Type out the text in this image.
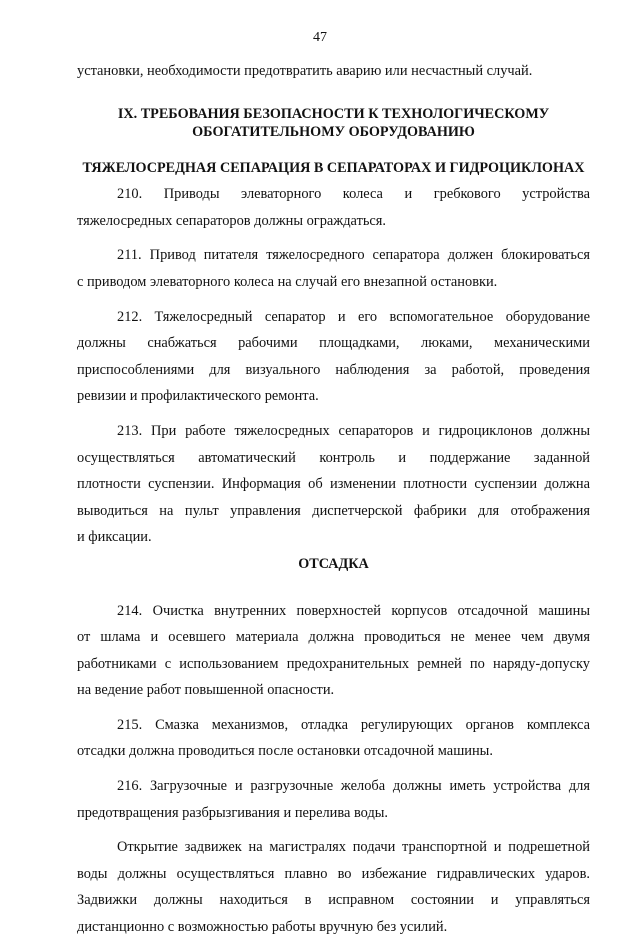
47
установки, необходимости предотвратить аварию или несчастный случай.
IX. ТРЕБОВАНИЯ БЕЗОПАСНОСТИ К ТЕХНОЛОГИЧЕСКОМУ
ОБОГАТИТЕЛЬНОМУ ОБОРУДОВАНИЮ
ТЯЖЕЛОСРЕДНАЯ СЕПАРАЦИЯ В СЕПАРАТОРАХ И ГИДРОЦИКЛОНАХ
210. Приводы элеваторного колеса и гребкового устройства
тяжелосредных сепараторов должны ограждаться.
211. Привод питателя тяжелосредного сепаратора должен блокироваться
с приводом элеваторного колеса на случай его внезапной остановки.
212. Тяжелосредный сепаратор и его вспомогательное оборудование
должны снабжаться рабочими площадками, люками, механическими
приспособлениями для визуального наблюдения за работой, проведения
ревизии и профилактического ремонта.
213. При работе тяжелосредных сепараторов и гидроциклонов должны
осуществляться автоматический контроль и поддержание заданной
плотности суспензии. Информация об изменении плотности суспензии должна
выводиться на пульт управления диспетчерской фабрики для отображения
и фиксации.
ОТСАДКА
214. Очистка внутренних поверхностей корпусов отсадочной машины
от шлама и осевшего материала должна проводиться не менее чем двумя
работниками с использованием предохранительных ремней по наряду-допуску
на ведение работ повышенной опасности.
215. Смазка механизмов, отладка регулирующих органов комплекса
отсадки должна проводиться после остановки отсадочной машины.
216. Загрузочные и разгрузочные желоба должны иметь устройства для
предотвращения разбрызгивания и перелива воды.
Открытие задвижек на магистралях подачи транспортной и подрешетной
воды должны осуществляться плавно во избежание гидравлических ударов.
Задвижки должны находиться в исправном состоянии и управляться
дистанционно с возможностью работы вручную без усилий.
